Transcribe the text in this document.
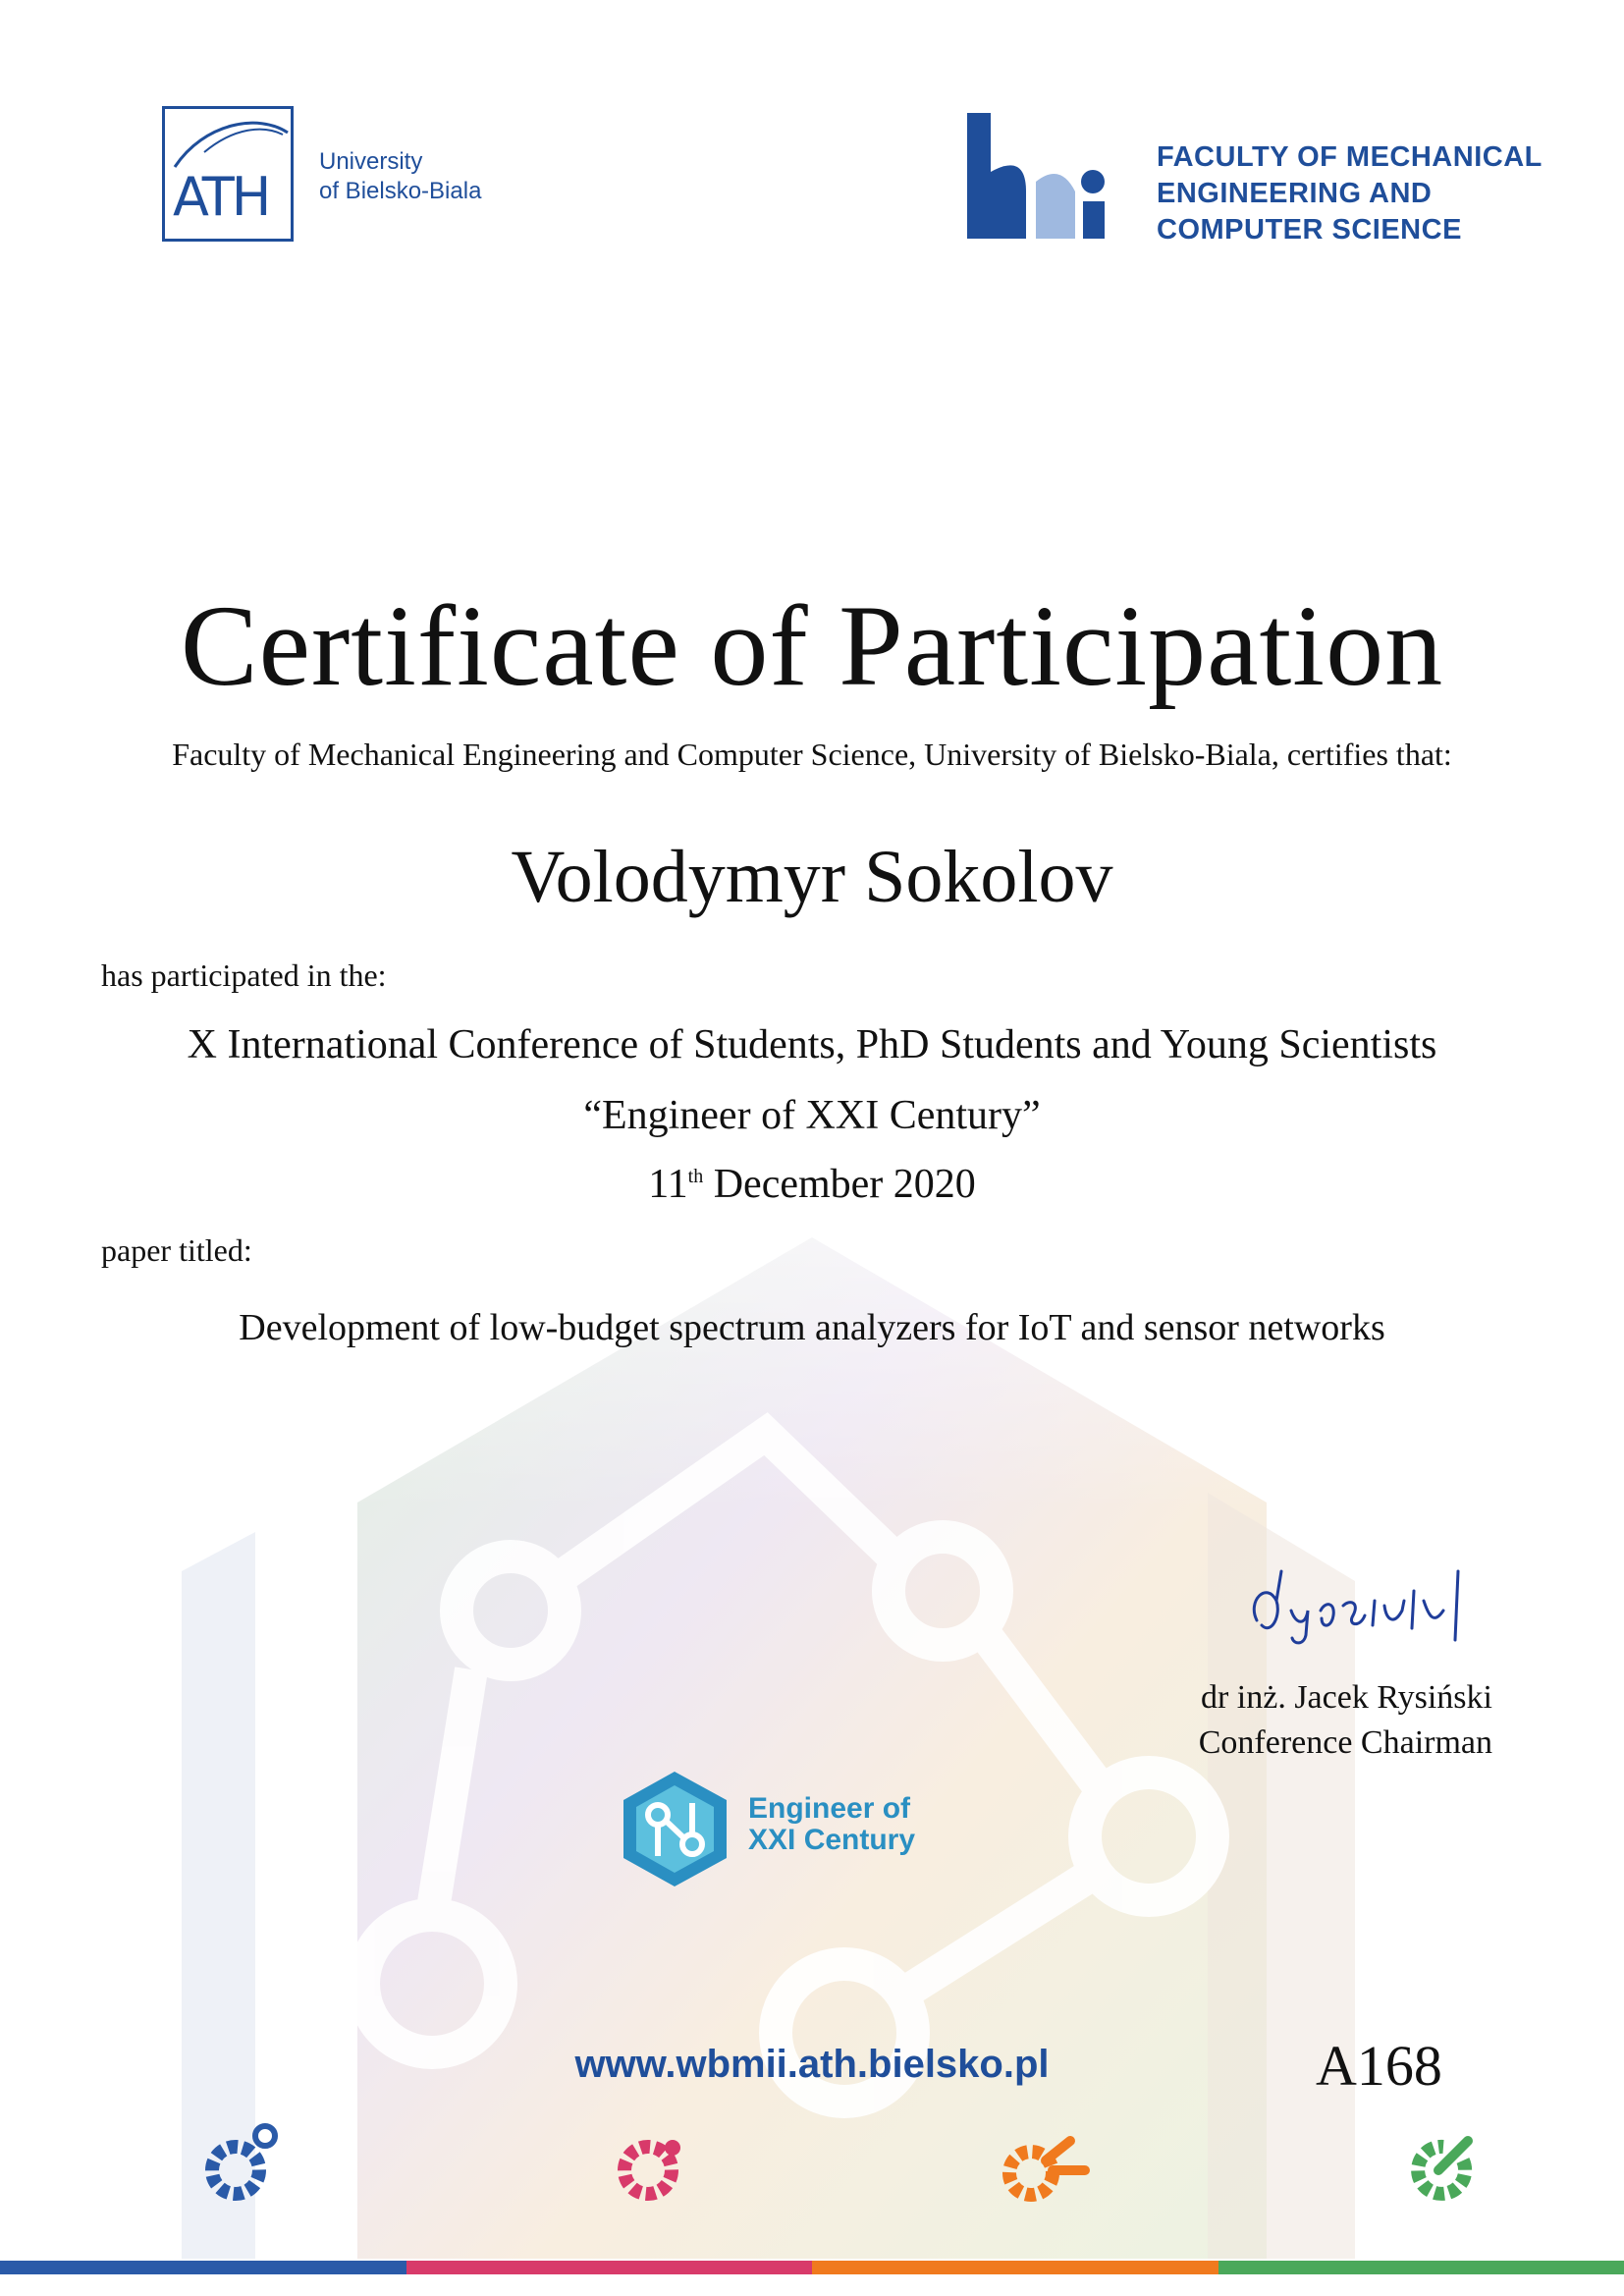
ATH
University
of Bielsko-Biala
FACULTY OF MECHANICAL
ENGINEERING AND
COMPUTER SCIENCE
Certificate of Participation
Faculty of Mechanical Engineering and Computer Science, University of Bielsko-Biala, certifies that:
Volodymyr Sokolov
has participated in the:
X International Conference of Students, PhD Students and Young Scientists
“Engineer of XXI Century”
11th December 2020
paper titled:
Development of low-budget spectrum analyzers for IoT and sensor networks
dr inż. Jacek Rysiński
Conference Chairman
Engineer of
XXI Century
www.wbmii.ath.bielsko.pl	A168
